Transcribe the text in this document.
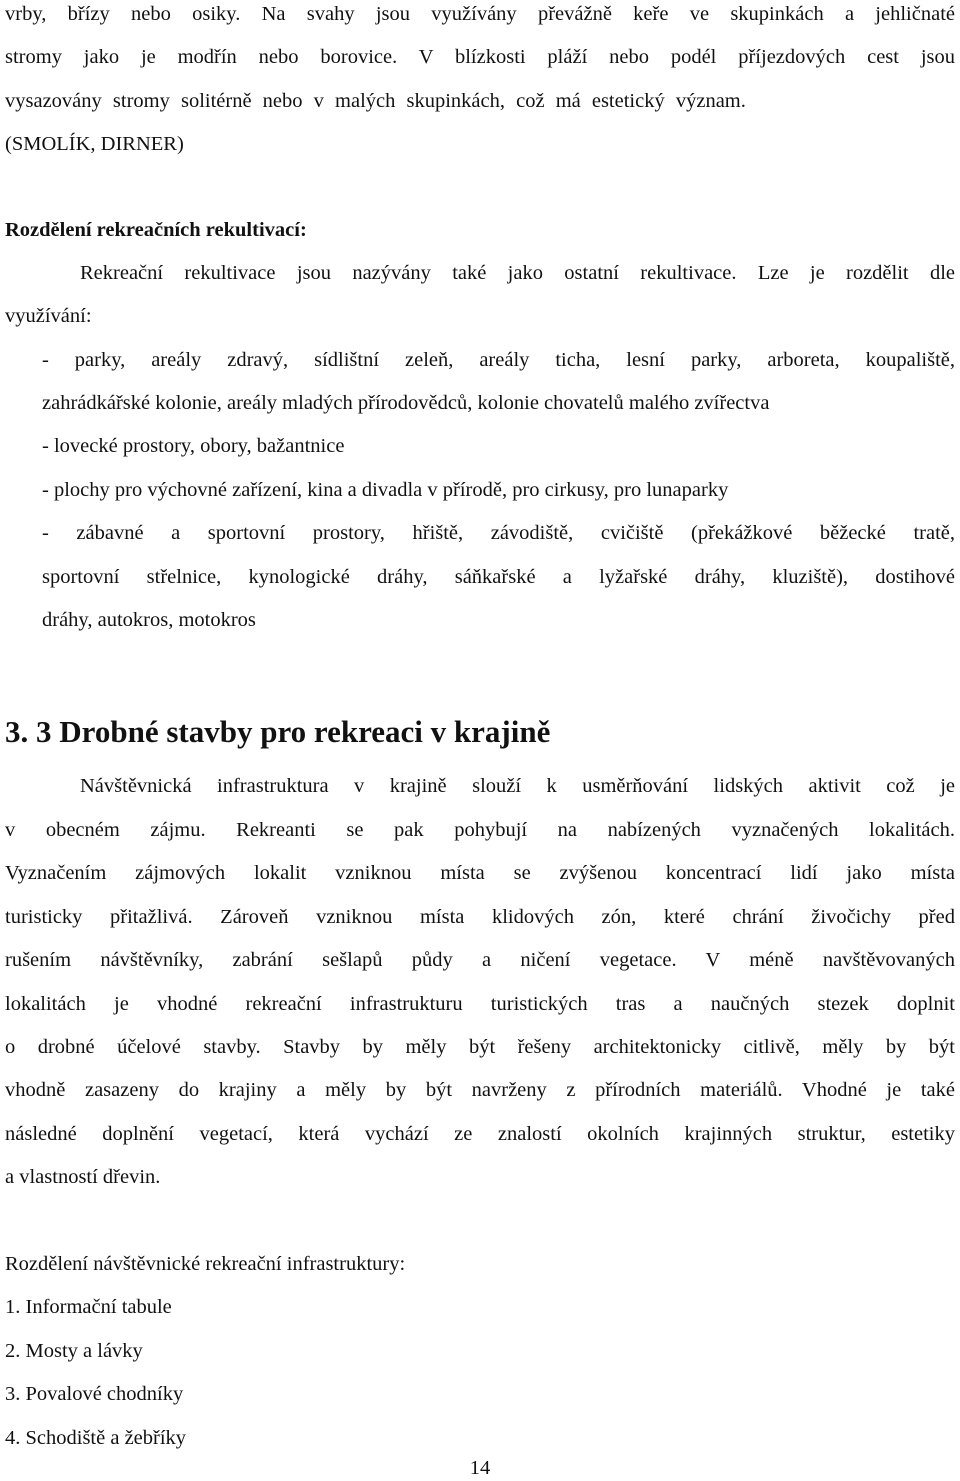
vrby, břízy nebo osiky. Na svahy jsou využívány převážně keře ve skupinkách a jehličnaté
stromy jako je modřín nebo borovice. V blízkosti pláží nebo podél příjezdových cest jsou
vysazovány stromy solitérně nebo v malých skupinkách, což má estetický význam.
(SMOLÍK, DIRNER)
Rozdělení rekreačních rekultivací:
Rekreační rekultivace jsou nazývány také jako ostatní rekultivace. Lze je rozdělit dle
využívání:
- parky, areály zdravý, sídlištní zeleň, areály ticha, lesní parky, arboreta, koupaliště,
zahrádkářské kolonie, areály mladých přírodovědců, kolonie chovatelů malého zvířectva
- lovecké prostory, obory, bažantnice
- plochy pro výchovné zařízení, kina a divadla v přírodě, pro cirkusy, pro lunaparky
- zábavné a sportovní prostory, hřiště, závodiště, cvičiště (překážkové běžecké tratě,
sportovní střelnice, kynologické dráhy, sáňkařské a lyžařské dráhy, kluziště), dostihové
dráhy, autokros, motokros
3. 3 Drobné stavby pro rekreaci v krajině
Návštěvnická infrastruktura v krajině slouží k usměrňování lidských aktivit což je
v obecném zájmu. Rekreanti se pak pohybují na nabízených vyznačených lokalitách.
Vyznačením zájmových lokalit vzniknou místa se zvýšenou koncentrací lidí jako místa
turisticky přitažlivá. Zároveň vzniknou místa klidových zón, které chrání živočichy před
rušením návštěvníky, zabrání sešlapů půdy a ničení vegetace. V méně navštěvovaných
lokalitách je vhodné rekreační infrastrukturu turistických tras a naučných stezek doplnit
o drobné účelové stavby. Stavby by měly být řešeny architektonicky citlivě, měly by být
vhodně zasazeny do krajiny a měly by být navrženy z přírodních materiálů. Vhodné je také
následné doplnění vegetací, která vychází ze znalostí okolních krajinných struktur, estetiky
a vlastností dřevin.
Rozdělení návštěvnické rekreační infrastruktury:
1. Informační tabule
2. Mosty a lávky
3. Povalové chodníky
4. Schodiště a žebříky
14
